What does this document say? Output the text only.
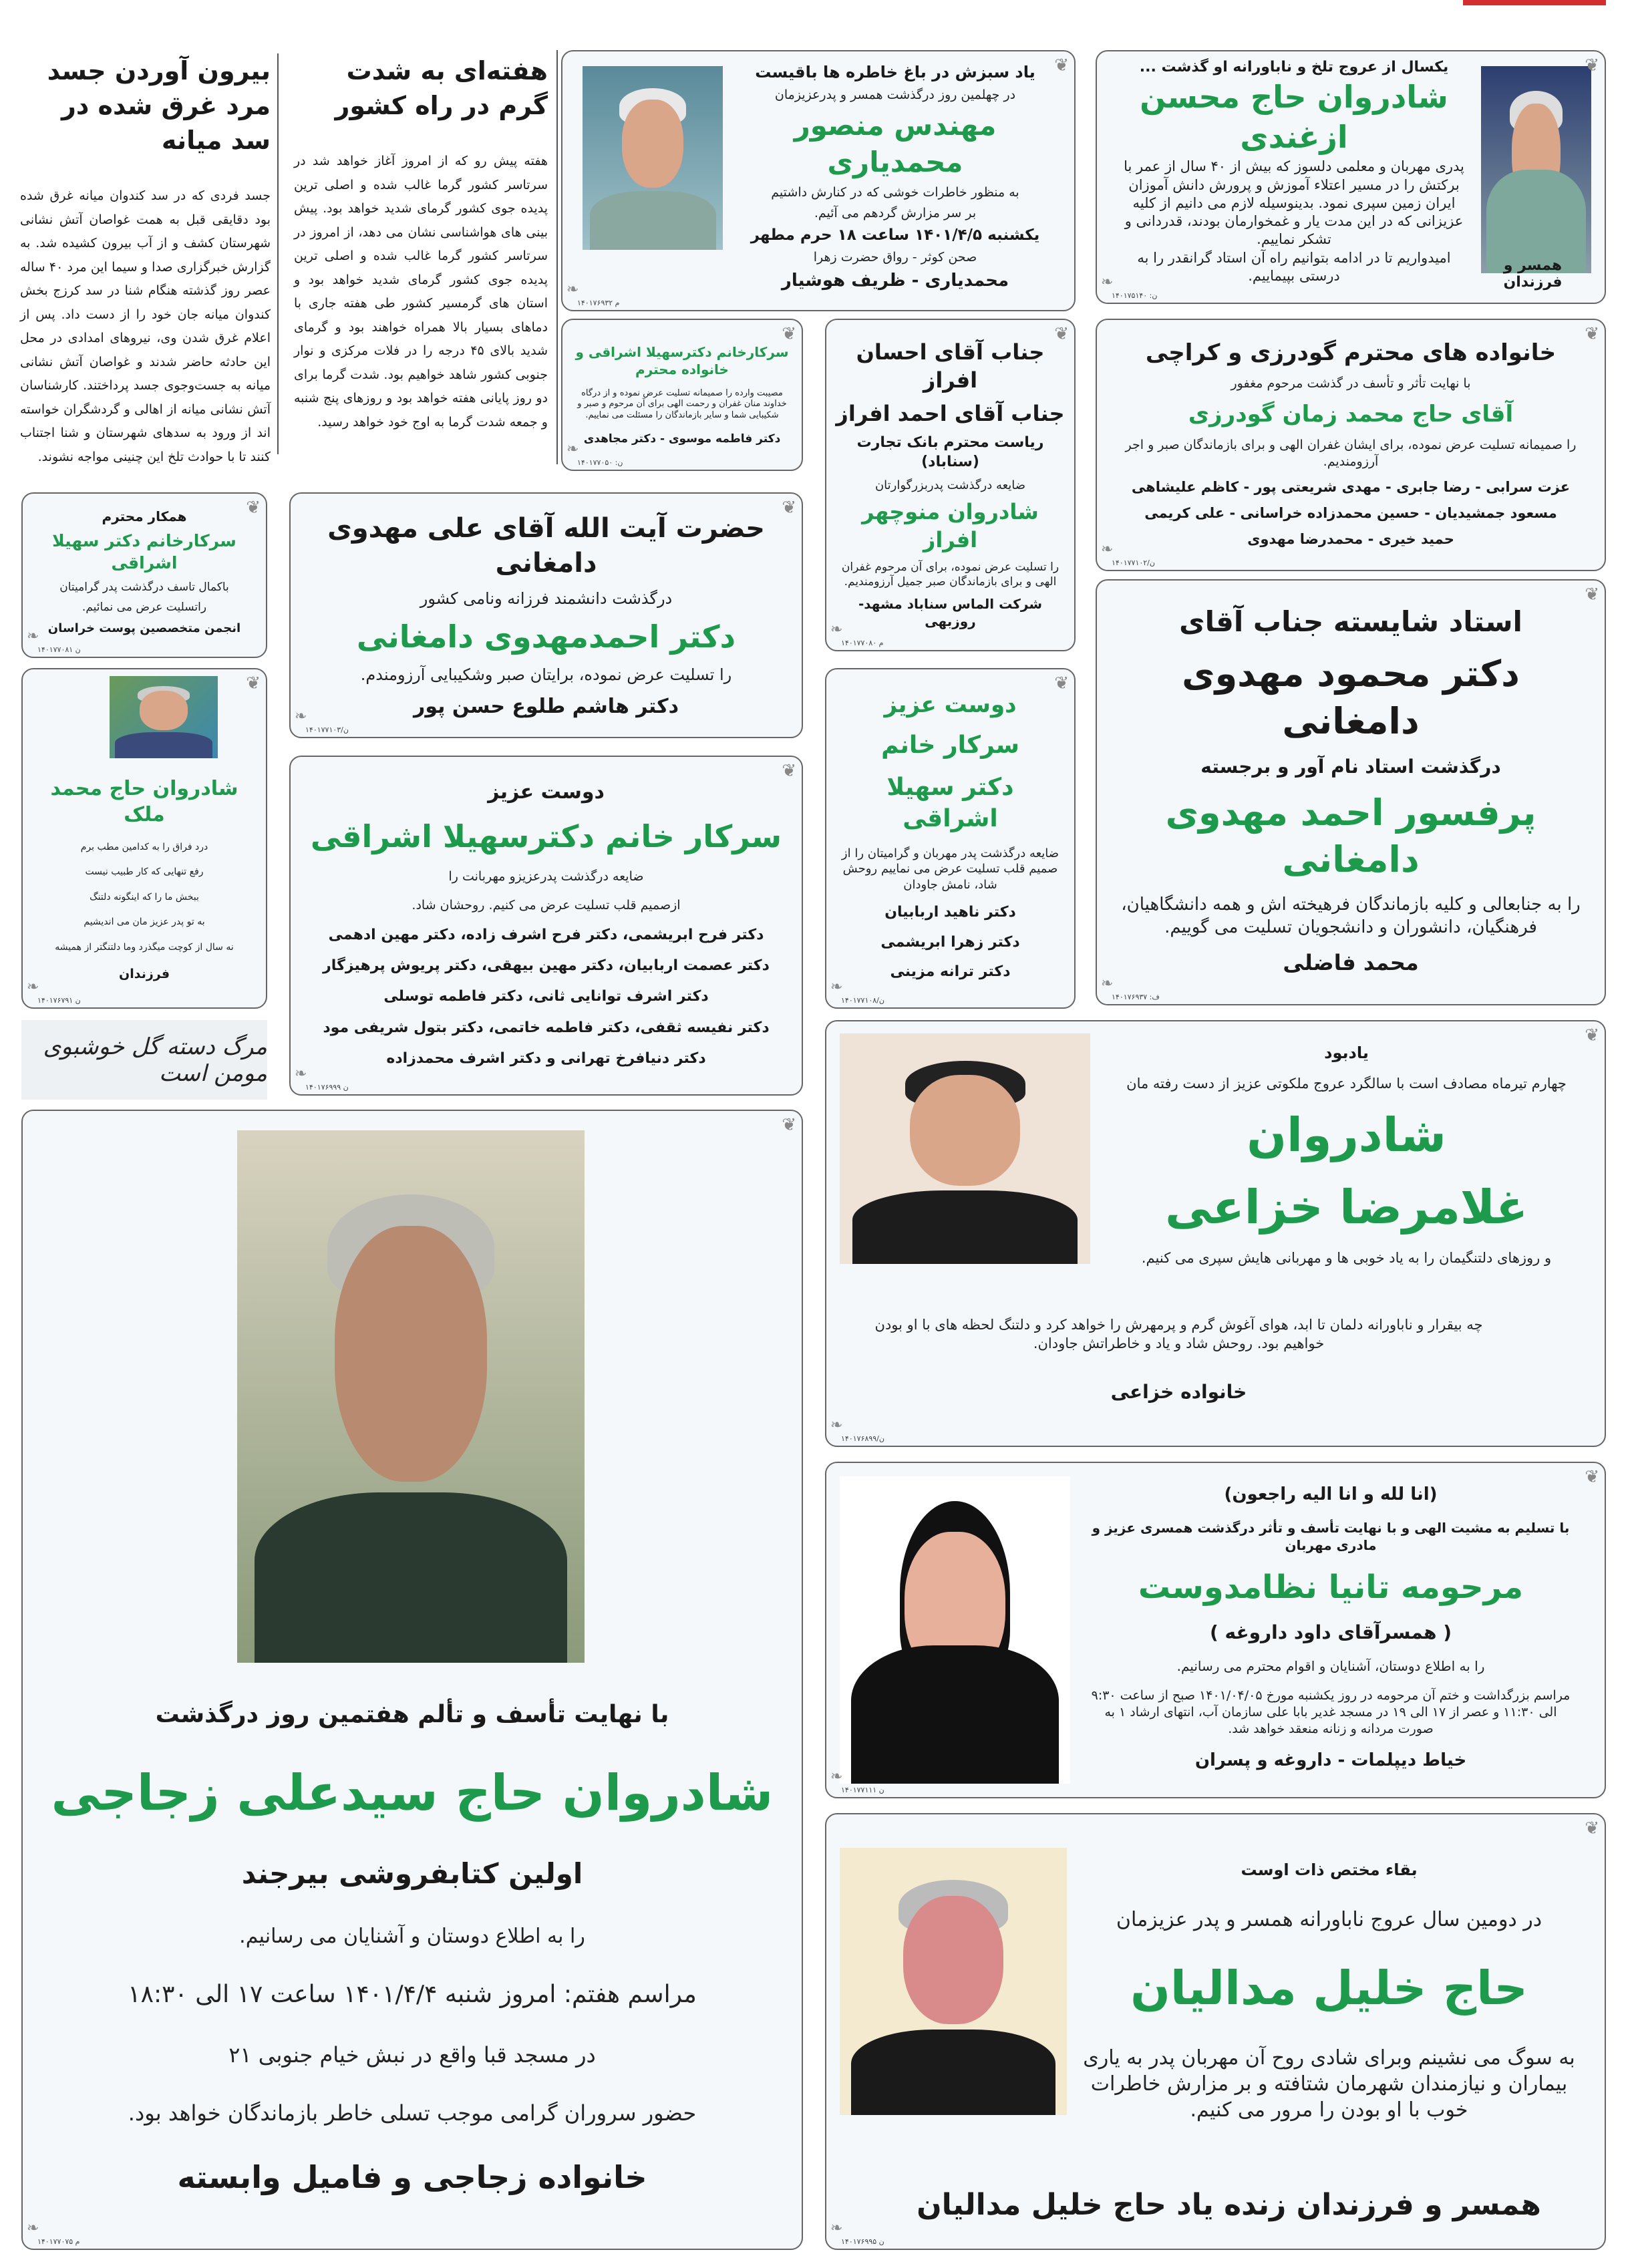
هفته‌ای به شدت گرم در راه کشور

هفته پیش رو که از امروز آغاز خواهد شد در سرتاسر کشور گرما غالب شده و اصلی ترین پدیده جوی کشور گرمای شدید خواهد بود. پیش بینی های هواشناسی نشان می دهد، از امروز در سرتاسر کشور گرما غالب شده و اصلی ترین پدیده جوی کشور گرمای شدید خواهد بود و استان های گرمسیر کشور طی هفته جاری با دماهای بسیار بالا همراه خواهند بود و گرمای شدید بالای ۴۵ درجه را در فلات مرکزی و نوار جنوبی کشور شاهد خواهیم بود. شدت گرما برای دو روز پایانی هفته خواهد بود و روزهای پنج شنبه و جمعه شدت گرما به اوج خود خواهد رسید.

بیرون آوردن جسد مرد غرق شده در سد میانه

جسد فردی که در سد کندوان میانه غرق شده بود دقایقی قبل به همت غواصان آتش نشانی شهرستان کشف و از آب بیرون کشیده شد. به گزارش خبرگزاری صدا و سیما این مرد ۴۰ ساله عصر روز گذشته هنگام شنا در سد کرزج بخش کندوان میانه جان خود را از دست داد. پس از اعلام غرق شدن وی، نیروهای امدادی در محل این حادثه حاضر شدند و غواصان آتش نشانی میانه به جست‌وجوی جسد پرداختند. کارشناسان آتش نشانی میانه از اهالی و گردشگران خواسته اند از ورود به سدهای شهرستان و شنا اجتناب کنند تا با حوادث تلخ این چنینی مواجه نشوند.

یاد سبزش در باغ خاطره ها باقیست
در چهلمین روز درگذشت همسر و پدرعزیزمان
مهندس منصور محمدیاری
به منظور خاطرات خوشی که در کنارش داشتیم
بر سر مزارش گردهم می آئیم.
یکشنبه ۱۴۰۱/۴/۵ ساعت ۱۸ حرم مطهر
صحن کوثر - رواق حضرت زهرا
محمدیاری - ظریف هوشیار
❦
❧
۱۴۰۱۷۶۹۳۲ م
همسر و فرزندان
یکسال از عروج تلخ و ناباورانه او گذشت ...
شادروان حاج محسن ازغندی
پدری مهربان و معلمی دلسوز که بیش از ۴۰ سال از عمر با برکتش را در مسیر اعتلاء آموزش و پرورش دانش آموزان ایران زمین سپری نمود. بدینوسیله لازم می دانیم از کلیه عزیزانی که در این مدت یار و غمخوارمان بودند، قدردانی و تشکر نماییم.
امیدواریم تا در ادامه بتوانیم راه آن استاد گرانقدر را به درستی بپیماییم.
❦
❧
۱۴۰۱۷۵۱۴۰ :ن
سرکارخانم دکترسهیلا اشراقی و خانواده محترم
مصیبت وارده را صمیمانه تسلیت عرض نموده و از درگاه خداوند منان غفران و رحمت الهی برای آن مرحوم و صبر و شکیبایی شما و سایر بازماندگان را مسئلت می نماییم.
دکتر فاطمه موسوی - دکتر مجاهدی
❦
❧
۱۴۰۱۷۷۰۵۰ :ن
جناب آقای احسان افراز
جناب آقای احمد افراز
ریاست محترم بانک تجارت (سناباد)
ضایعه درگذشت پدربزرگوارتان
شادروان منوچهر افراز
را تسلیت عرض نموده، برای آن مرحوم غفران الهی و برای بازماندگان صبر جمیل آرزومندیم.
شرکت الماس سناباد مشهد- روزبهی
❦
❧
۱۴۰۱۷۷۰۸۰ م
خانواده های محترم گودرزی و کراچی
با نهایت تأثر و تأسف در گذشت مرحوم مغفور
آقای حاج محمد زمان گودرزی
را صمیمانه تسلیت عرض نموده، برای ایشان غفران الهی و برای بازماندگان صبر و اجر آرزومندیم.
عزت سرابی - رضا جابری - مهدی شریعتی پور - کاظم علیشاهی
مسعود جمشیدیان - حسین محمدزاده خراسانی - علی کریمی
حمید خیری - محمدرضا مهدوی
❦
❧
۱۴۰۱۷۷۱۰۲/ن
همکار محترم
سرکارخانم دکتر سهیلا اشراقی
باکمال تاسف درگذشت پدر گرامیتان
راتسلیت عرض می نمائیم.
انجمن متخصصین پوست خراسان
❦
❧
۱۴۰۱۷۷۰۸۱ ن
حضرت آیت الله آقای علی مهدوی دامغانی
درگذشت دانشمند فرزانه ونامی کشور
دکتر احمدمهدوی دامغانی
را تسلیت عرض نموده، برایتان صبر وشکیبایی آرزومندم.
دکتر هاشم طلوع حسن پور
❦
❧
۱۴۰۱۷۷۱۰۳/ن
استاد شایسته جناب آقای
دکتر محمود مهدوی دامغانی
درگذشت استاد نام آور و برجسته
پرفسور احمد مهدوی دامغانی
را به جنابعالی و کلیه بازماندگان فرهیخته اش و همه دانشگاهیان، فرهنگیان، دانشوران و دانشجویان تسلیت می گوییم.
محمد فاضلی
❦
❧
۱۴۰۱۷۶۹۳۷ :ف
شادروان حاج محمد ملک
درد فراق را به کدامین مطب برم
رفع تنهایی که کار طبیب نیست
ببخش ما را که اینگونه دلتنگ
به تو پدر عزیز مان می اندیشیم
نه سال از کوچت میگذرد وما دلتنگتر از همیشه
فرزندان
❦
❧
۱۴۰۱۷۶۷۹۱ ن
دوست عزیز
سرکار خانم دکترسهیلا اشراقی
ضایعه درگذشت پدرعزیزو مهربانت را
ازصمیم قلب تسلیت عرض می کنیم. روحشان شاد.
دکتر فرح ابریشمی، دکتر فرح اشرف زاده، دکتر مهین ادهمی
دکتر عصمت اربابیان، دکتر مهین بیهقی، دکتر پریوش پرهیزگار
دکتر اشرف توانایی ثانی، دکتر فاطمه توسلی
دکتر نفیسه ثقفی، دکتر فاطمه خاتمی، دکتر بتول شریفی مود
دکتر دنیافرخ تهرانی و دکتر اشرف محمدزاده
❦
❧
۱۴۰۱۷۶۹۹۹ ن
دوست عزیز
سرکار خانم
دکتر سهیلا اشراقی
ضایعه درگذشت پدر مهربان و گرامیتان را از صمیم قلب تسلیت عرض می نماییم روحش شاد، نامش جاودان
دکتر ناهید اربابیان
دکتر زهرا ابریشمی
دکتر ترانه مزینی
❦
❧
۱۴۰۱۷۷۱۰۸/ن
مرگ دسته گل خوشبوی مومن است
یادبود
چهارم تیرماه مصادف است با سالگرد عروج ملکوتی عزیز از دست رفته مان
شادروان
غلامرضا خزاعی
و روزهای دلتنگیمان را به یاد خوبی ها و مهربانی هایش سپری می کنیم.
چه بیقرار و ناباورانه دلمان تا ابد، هوای آغوش گرم و پرمهرش را خواهد کرد و دلتنگ لحظه های با او بودن خواهیم بود. روحش شاد و یاد و خاطراتش جاودان.
خانواده خزاعی
❦
❧
۱۴۰۱۷۶۸۹۹/ن
(انا لله و انا الیه راجعون)
با تسلیم به مشیت الهی و با نهایت تأسف و تأثر درگذشت همسری عزیز و مادری مهربان
مرحومه تانیا نظامدوست
( همسرآقای داود داروغه )
را به اطلاع دوستان، آشنایان و اقوام محترم می رسانیم.
مراسم بزرگداشت و ختم آن مرحومه در روز یکشنبه مورخ ۱۴۰۱/۰۴/۰۵ صبح از ساعت ۹:۳۰ الی ۱۱:۳۰ و عصر از ۱۷ الی ۱۹ در مسجد غدیر بابا علی سازمان آب، انتهای ارشاد ۱ به صورت مردانه و زنانه منعقد خواهد شد.
خیاط دیپلمات - داروغه و پسران
❦
❧
۱۴۰۱۷۷۱۱۱ ن
بقاء مختص ذات اوست
در دومین سال عروج ناباورانه همسر و پدر عزیزمان
حاج خلیل مدالیان
به سوگ می نشینم وبرای شادی روح آن مهربان پدر به یاری بیماران و نیازمندان شهرمان شتافته و بر مزارش خاطرات خوب با او بودن را مرور می کنیم.
همسر و فرزندان زنده یاد حاج خلیل مدالیان
❦
❧
۱۴۰۱۷۶۹۹۵ ن
با نهایت تأسف و تألم هفتمین روز درگذشت
شادروان حاج سیدعلی زجاجی
اولین کتابفروشی بیرجند
را به اطلاع دوستان و آشنایان می رسانیم.
مراسم هفتم: امروز شنبه ۱۴۰۱/۴/۴ ساعت ۱۷ الی ۱۸:۳۰
در مسجد قبا واقع در نبش خیام جنوبی ۲۱
حضور سروران گرامی موجب تسلی خاطر بازماندگان خواهد بود.
خانواده زجاجی و فامیل وابسته
❦
❧
۱۴۰۱۷۷۰۷۵ م
